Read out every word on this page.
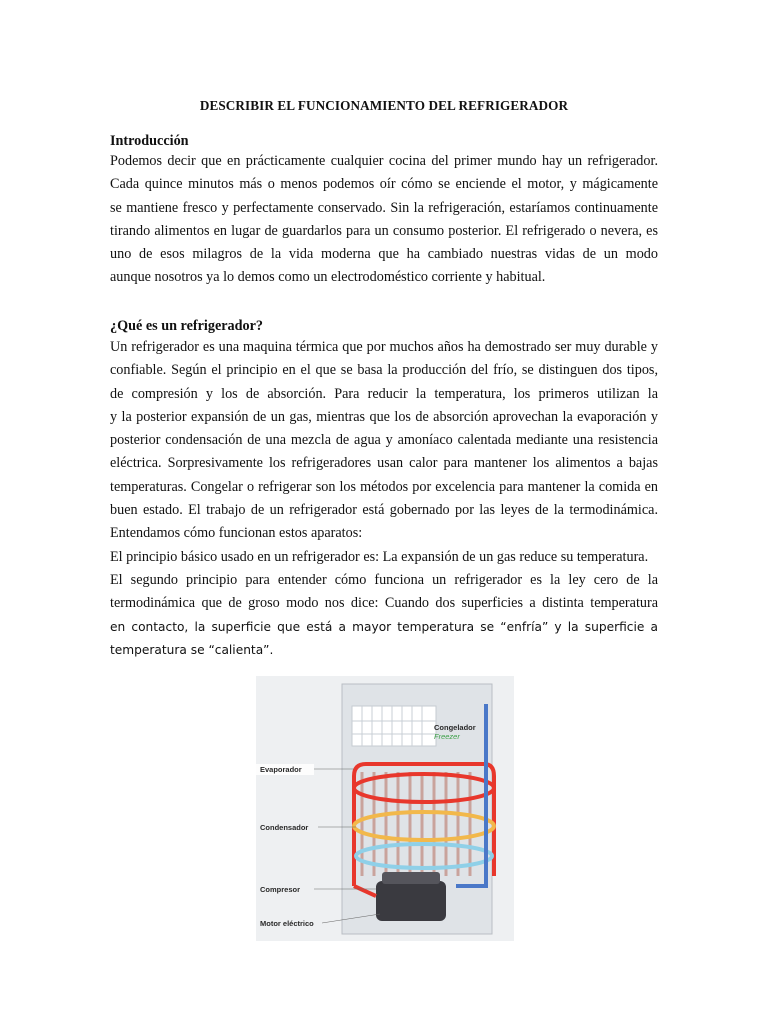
DESCRIBIR EL FUNCIONAMIENTO DEL REFRIGERADOR
Introducción
Podemos decir que en prácticamente cualquier cocina del primer mundo hay un refrigerador.
Cada quince minutos más o menos podemos oír cómo se enciende el motor, y mágicamente
se mantiene fresco y perfectamente conservado. Sin la refrigeración, estaríamos continuamente
tirando alimentos en lugar de guardarlos para un consumo posterior. El refrigerado o nevera, es
uno de esos milagros de la vida moderna que ha cambiado nuestras vidas de un modo
aunque nosotros ya lo demos como un electrodoméstico corriente y habitual.
¿Qué es un refrigerador?
Un refrigerador es una maquina térmica que por muchos años ha demostrado ser muy durable y
confiable. Según el principio en el que se basa la producción del frío, se distinguen dos tipos,
de compresión y los de absorción. Para reducir la temperatura, los primeros utilizan la
y la posterior expansión de un gas, mientras que los de absorción aprovechan la evaporación y
posterior condensación de una mezcla de agua y amoníaco calentada mediante una resistencia
eléctrica. Sorpresivamente los refrigeradores usan calor para mantener los alimentos a bajas
temperaturas. Congelar o refrigerar son los métodos por excelencia para mantener la comida en
buen estado. El trabajo de un refrigerador está gobernado por las leyes de la termodinámica.
Entendamos cómo funcionan estos aparatos:
El principio básico usado en un refrigerador es: La expansión de un gas reduce su temperatura.
El segundo principio para entender cómo funciona un refrigerador es la ley cero de la
termodinámica que de groso modo nos dice: Cuando dos superficies a distinta temperatura
en contacto, la superficie que está a mayor temperatura se “enfría” y la superficie a
temperatura se “calienta”.
Evaporador
Congelador
Freezer
Condensador
Compresor
Motor eléctrico
